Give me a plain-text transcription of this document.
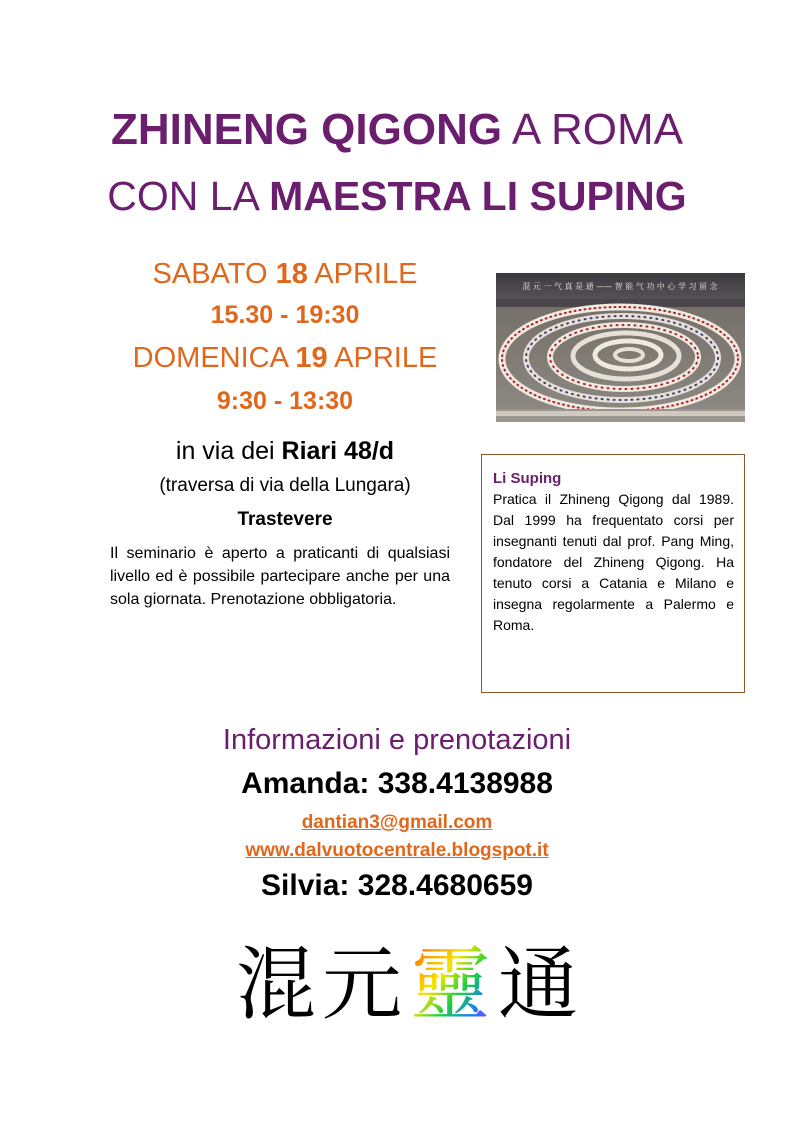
ZHINENG QIGONG A ROMA
CON LA MAESTRA LI SUPING
SABATO 18 APRILE
15.30 - 19:30
DOMENICA 19 APRILE
9:30 - 13:30
in via dei Riari 48/d
(traversa di via della Lungara)
Trastevere
Il seminario è aperto a praticanti di qualsiasi livello ed è possibile partecipare anche per una sola giornata. Prenotazione obbligatoria.
混 元 一 气 真 是 通 —— 智 能 气 功 中 心 学 习 留 念
Li Suping
Pratica il Zhineng Qigong dal 1989. Dal 1999 ha frequentato corsi per insegnanti tenuti dal prof. Pang Ming, fondatore del Zhineng Qigong. Ha tenuto corsi a Catania e Milano e insegna regolarmente a Palermo e Roma.
Informazioni e prenotazioni
Amanda: 338.4138988
dantian3@gmail.com
www.dalvuotocentrale.blogspot.it
Silvia: 328.4680659
混 元 靈 通
